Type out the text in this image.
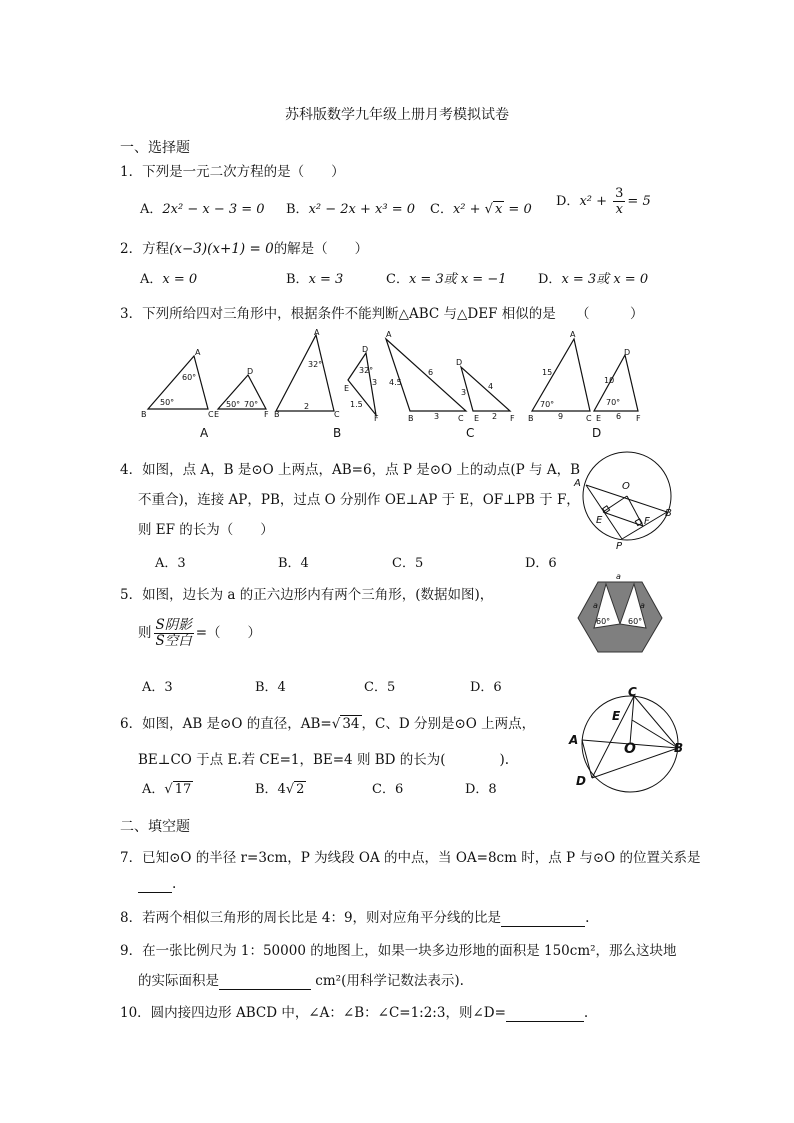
苏科版数学九年级上册月考模拟试卷
一、选择题
1．下列是一元二次方程的是（　　）
A．2x² − x − 3 = 0 B．x² − 2x + x³ = 0 C．x² + √ x = 0
D．$x^2 + \frac{3}{x} = 5$
2．方程(x−3)(x+1) = 0的解是（　　）
A．x = 0	B．x = 3	C．x = 3或 x = −1 D．x = 3或 x = 0
3．下列所给四对三角形中，根据条件不能判断△ABC 与△DEF 相似的是　　（　　　）
A
B	C
60°
50°
D
E	F
50° 70°
A
32°
B	C
2
D
E
F
32°
3
1.5
A
4.5
6
B	3 C
D
3
4
E 2 F
A
15
70°
B	9	C
D
10
70°
E 6 F
A	B	C	D
4．如图，点 A，B 是⊙O 上两点，AB=6，点 P 是⊙O 上的动点(P 与 A，B
不重合)，连接 AP，PB，过点 O 分别作 OE⊥AP 于 E，OF⊥PB 于 F，
则 EF 的长为（　　）
A．3	B．4	C．5	D．6
A
B
O
E	F
P
5．如图，边长为 a 的正六边形内有两个三角形，(数据如图)，
则 $\frac{\text{S阴影}}{\text{S空白}}$ =（　　）
A．3	B．4	C．5	D．6
a
a	a
60° 60°
6．如图，AB 是⊙O 的直径，AB=√ 34 ，C、D 分别是⊙O 上两点，
BE⊥CO 于点 E.若 CE=1，BE=4 则 BD 的长为(　　　　).
A．√ 17	B．4√ 2	C．6	D．8
C
E
A
O	B
D
二、填空题
7．已知⊙O 的半径 r=3cm，P 为线段 OA 的中点，当 OA=8cm 时，点 P 与⊙O 的位置关系是
.
8．若两个相似三角形的周长比是 4：9，则对应角平分线的比是	.
9．在一张比例尺为 1：50000 的地图上，如果一块多边形地的面积是 150cm²，那么这块地
的实际面积是	cm²(用科学记数法表示).
10．圆内接四边形 ABCD 中，∠A：∠B：∠C=1:2:3，则∠D=	.
